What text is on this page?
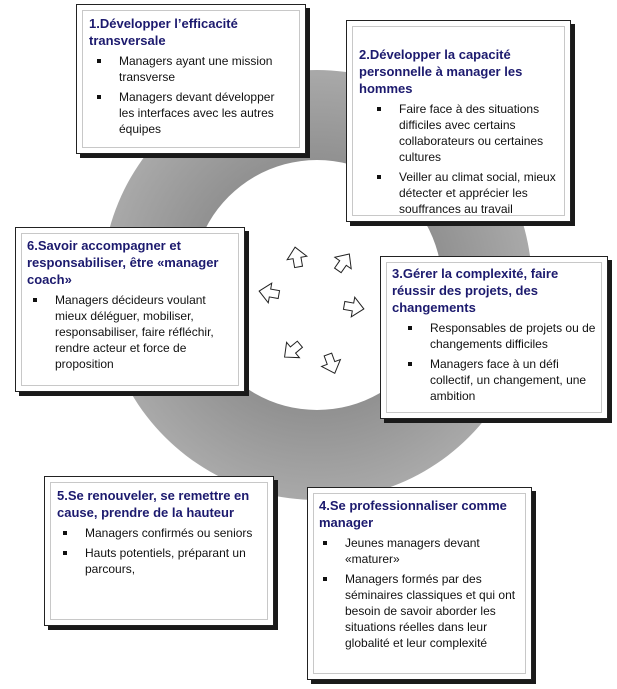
1.Développer l’efficacité transversale

Managers ayant une mission transverse
Managers devant développer les interfaces avec les autres équipes

2.Développer la capacité personnelle à manager les hommes

Faire face à des situations difficiles avec certains collaborateurs ou certaines cultures
Veiller au climat social, mieux détecter et apprécier les souffrances au travail

3.Gérer la complexité, faire réussir des projets, des changements

Responsables de projets ou de changements difficiles
Managers face à un défi collectif, un changement, une ambition

4.Se professionnaliser comme manager

Jeunes managers devant «maturer»
Managers formés par des séminaires classiques et qui ont besoin de savoir aborder les situations réelles dans leur globalité et leur complexité

5.Se renouveler, se remettre en cause, prendre de la hauteur

Managers confirmés ou seniors
Hauts potentiels, préparant un parcours,

6.Savoir accompagner et responsabiliser, être «manager coach»

Managers décideurs voulant mieux déléguer, mobiliser, responsabiliser, faire réfléchir, rendre acteur et force de proposition
